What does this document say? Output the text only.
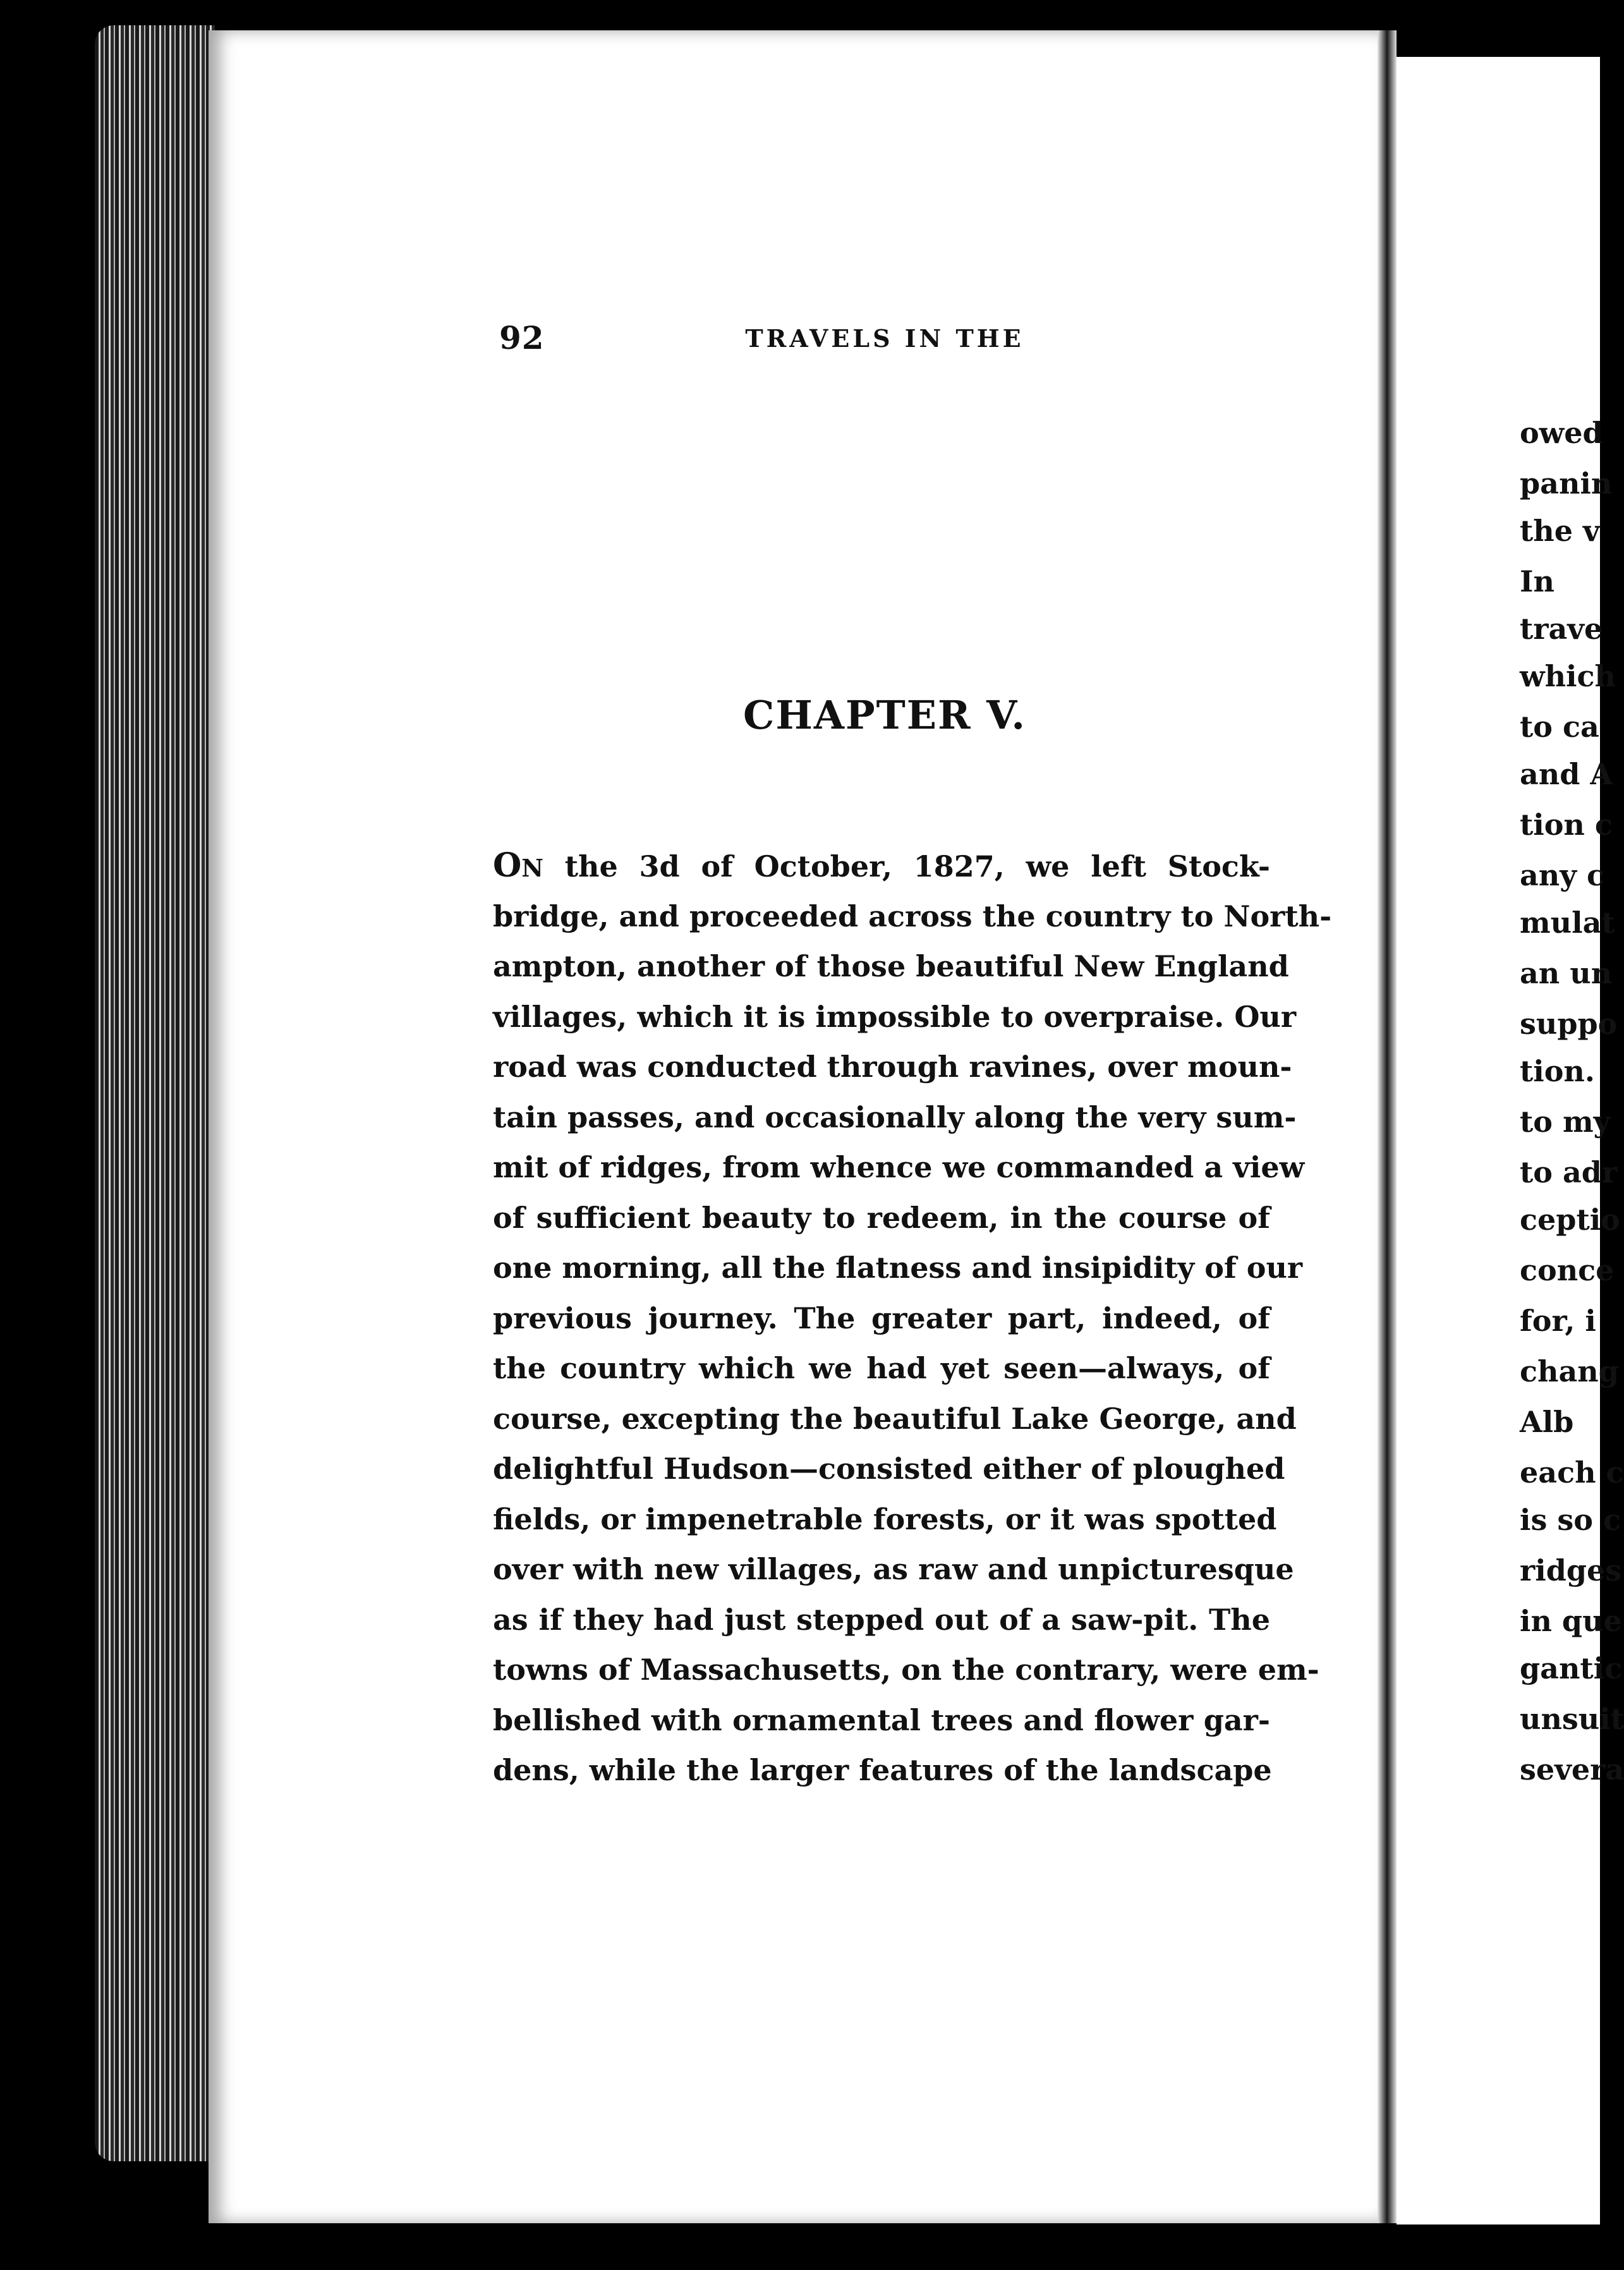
92	TRAVELS IN THE
CHAPTER V.
ON the 3d of October, 1827, we left Stock-
bridge, and proceeded across the country to North-
ampton, another of those beautiful New England
villages, which it is impossible to overpraise. Our
road was conducted through ravines, over moun-
tain passes, and occasionally along the very sum-
mit of ridges, from whence we commanded a view
of sufficient beauty to redeem, in the course of
one morning, all the flatness and insipidity of our
previous journey. The greater part, indeed, of
the country which we had yet seen—always, of
course, excepting the beautiful Lake George, and
delightful Hudson—consisted either of ploughed
fields, or impenetrable forests, or it was spotted
over with new villages, as raw and unpicturesque
as if they had just stepped out of a saw-pit. The
towns of Massachusetts, on the contrary, were em-
bellished with ornamental trees and flower gar-
dens, while the larger features of the landscape
owed
panin
the v
In
trave
which
to ca
and A
tion c
any c
mulat
an un
suppo
tion.
to my
to adr
ceptio
conce
for, i
chang
Alb
each c
is so c
ridges
in que
gantic
unsuit
severa
